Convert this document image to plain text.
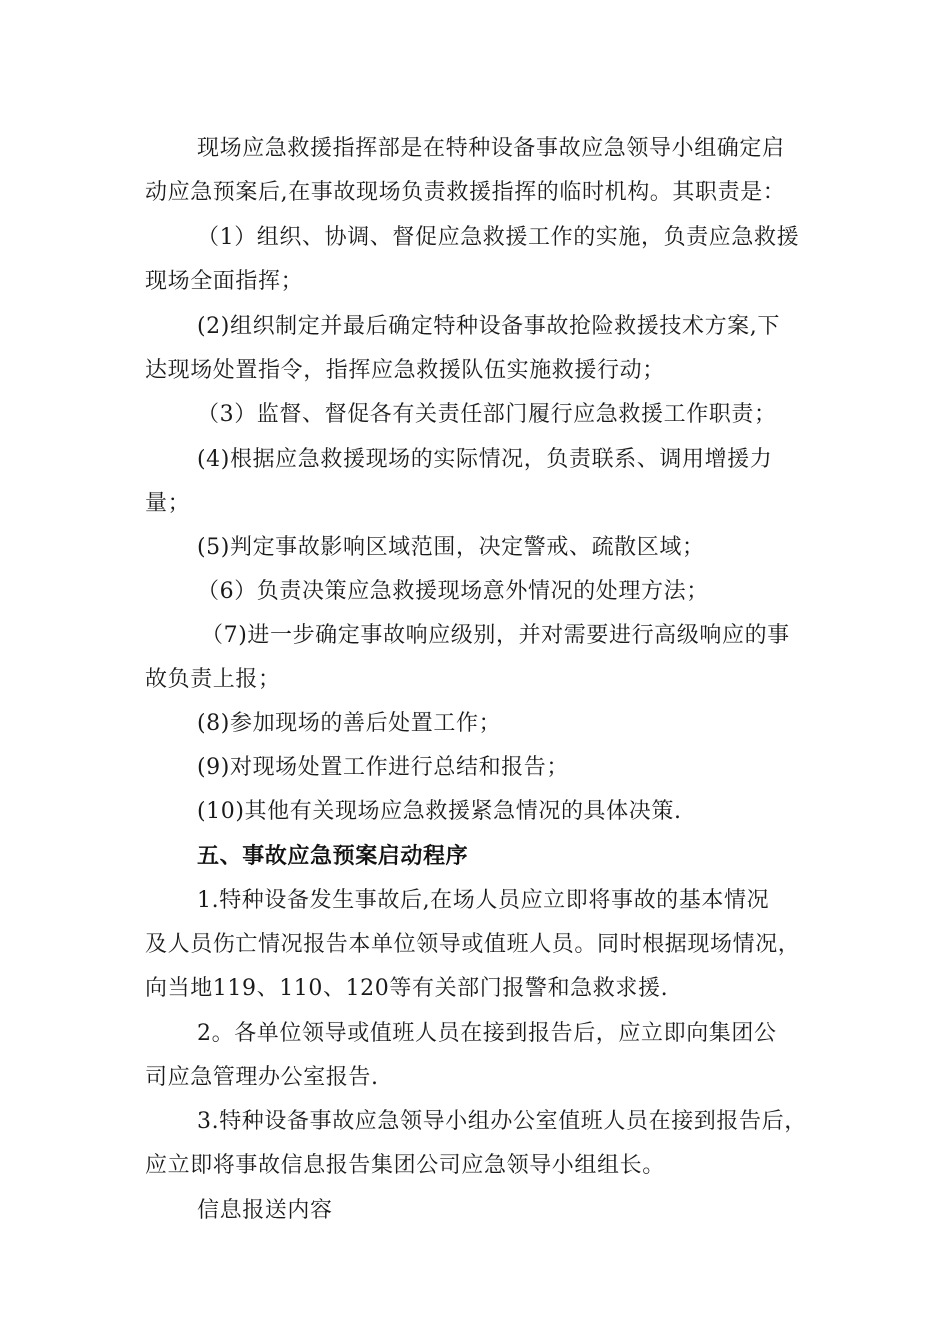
现场应急救援指挥部是在特种设备事故应急领导小组确定启
动应急预案后,在事故现场负责救援指挥的临时机构。其职责是：
（1）组织、协调、督促应急救援工作的实施，负责应急救援
现场全面指挥；
(2)组织制定并最后确定特种设备事故抢险救援技术方案,下
达现场处置指令，指挥应急救援队伍实施救援行动；
（3）监督、督促各有关责任部门履行应急救援工作职责；
(4)根据应急救援现场的实际情况，负责联系、调用增援力
量；
(5)判定事故影响区域范围，决定警戒、疏散区域；
（6）负责决策应急救援现场意外情况的处理方法；
（7)进一步确定事故响应级别，并对需要进行高级响应的事
故负责上报；
(8)参加现场的善后处置工作；
(9)对现场处置工作进行总结和报告；
(10)其他有关现场应急救援紧急情况的具体决策.
五、事故应急预案启动程序
1.特种设备发生事故后,在场人员应立即将事故的基本情况
及人员伤亡情况报告本单位领导或值班人员。同时根据现场情况，
向当地119、110、120等有关部门报警和急救求援.
2。各单位领导或值班人员在接到报告后，应立即向集团公
司应急管理办公室报告.
3.特种设备事故应急领导小组办公室值班人员在接到报告后，
应立即将事故信息报告集团公司应急领导小组组长。
信息报送内容
